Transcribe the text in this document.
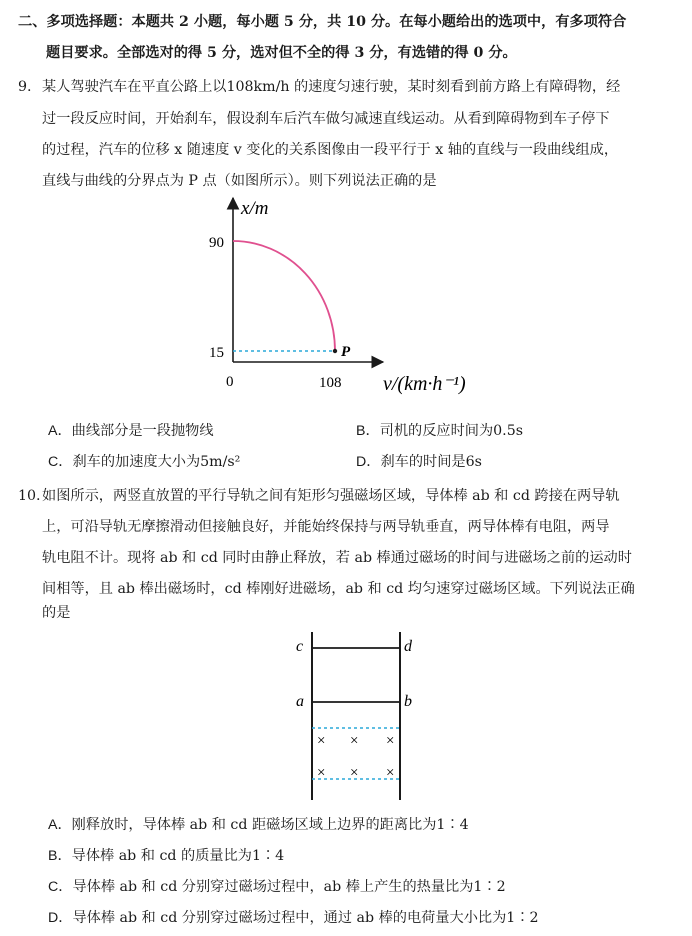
二、多项选择题：本题共 2 小题，每小题 5 分，共 10 分。在每小题给出的选项中，有多项符合
题目要求。全部选对的得 5 分，选对但不全的得 3 分，有选错的得 0 分。
9. 某人驾驶汽车在平直公路上以108km/h 的速度匀速行驶，某时刻看到前方路上有障碍物，经
过一段反应时间，开始刹车，假设刹车后汽车做匀减速直线运动。从看到障碍物到车子停下
的过程，汽车的位移 x 随速度 v 变化的关系图像由一段平行于 x 轴的直线与一段曲线组成，
直线与曲线的分界点为 P 点（如图所示）。则下列说法正确的是
x/m
90
15
0	108
P
v/(km·h⁻¹)
A．曲线部分是一段抛物线	B．司机的反应时间为0.5s
C．刹车的加速度大小为5m/s²	D．刹车的时间是6s
10. 如图所示，两竖直放置的平行导轨之间有矩形匀强磁场区域，导体棒 ab 和 cd 跨接在两导轨
上，可沿导轨无摩擦滑动但接触良好，并能始终保持与两导轨垂直，两导体棒有电阻，两导
轨电阻不计。现将 ab 和 cd 同时由静止释放，若 ab 棒通过磁场的时间与进磁场之前的运动时
间相等，且 ab 棒出磁场时，cd 棒刚好进磁场，ab 和 cd 均匀速穿过磁场区域。下列说法正确
的是
c	d
a	b
× × ×
× × ×
A．刚释放时，导体棒 ab 和 cd 距磁场区域上边界的距离比为1∶4
B．导体棒 ab 和 cd 的质量比为1∶4
C．导体棒 ab 和 cd 分别穿过磁场过程中，ab 棒上产生的热量比为1∶2
D．导体棒 ab 和 cd 分别穿过磁场过程中，通过 ab 棒的电荷量大小比为1∶2
